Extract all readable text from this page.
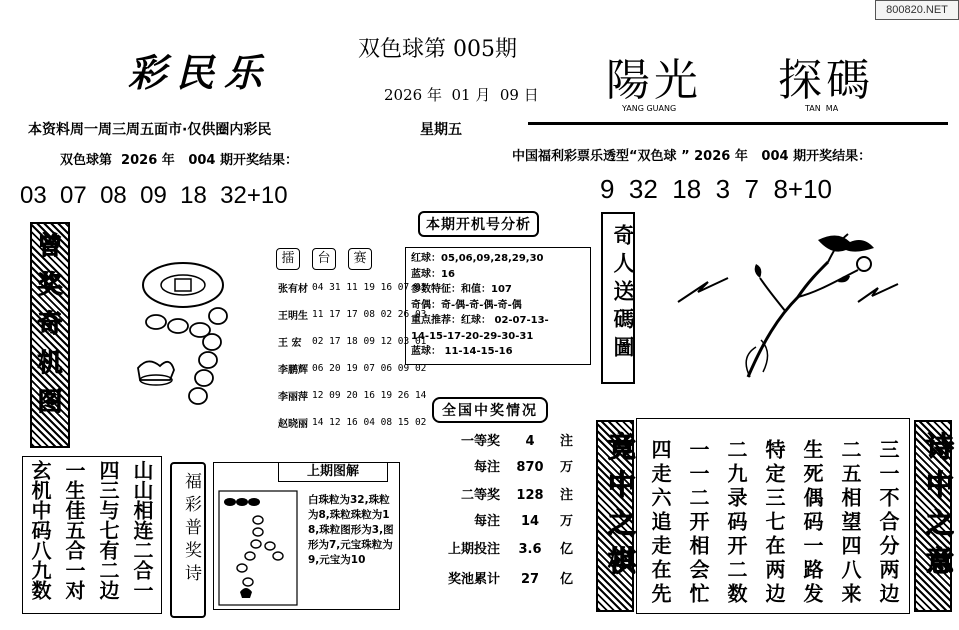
800820.NET
彩民乐
双色球第 005期
2026 年  01 月  09 日 陽光 探碼
YANG GUANG	TAN  MA
本资料周一周三周五面市·仅供圈内彩民	星期五
双色球第  2026 年   004 期开奖结果：
03  07  08  09  18  32+10
中国福利彩票乐透型“双色球 ” 2026 年   004 期开奖结果：
9  32  18  3  7  8+10
曾奖奇机图	擂 台 赛
张有材	04 31 11 19 16 07 01
王明生	11 17 17 08 02 26 03
王 宏	02 17 18 09 12 03 01
李鹏辉	06 20 19 07 06 09 02
李丽萍	12 09 20 16 19 26 14
赵晓丽	14 12 16 04 08 15 02
本期开机号分析
红球：05,06,09,28,29,30
蓝球：16
参数特征：和值：107
奇偶：奇-偶-奇-偶-奇-偶
重点推荐：红球： 02-07-13-
14-15-17-20-29-30-31
蓝球： 11-14-15-16
全国中奖情况
一等奖 4 注
每注 870 万
二等奖 128 注
每注 14 万
上期投注 3.6 亿
奖池累计 27 亿
奇人送碼圖
玄机中码八九数 一生佳五合一对 四三与七有二边 山山相连二合一 福彩普奖诗
上期图解
白珠粒为32,珠粒为8,珠粒珠粒为18,珠粒图形为3,图形为7,元宝珠粒为9,元宝为10	竟中之棋	三一不合分两边
二五相望四八来
生死偶码一路发
特定三七在两边
二九录码开二数
一一二开相会忙
四走六追走在先	诗中之意
